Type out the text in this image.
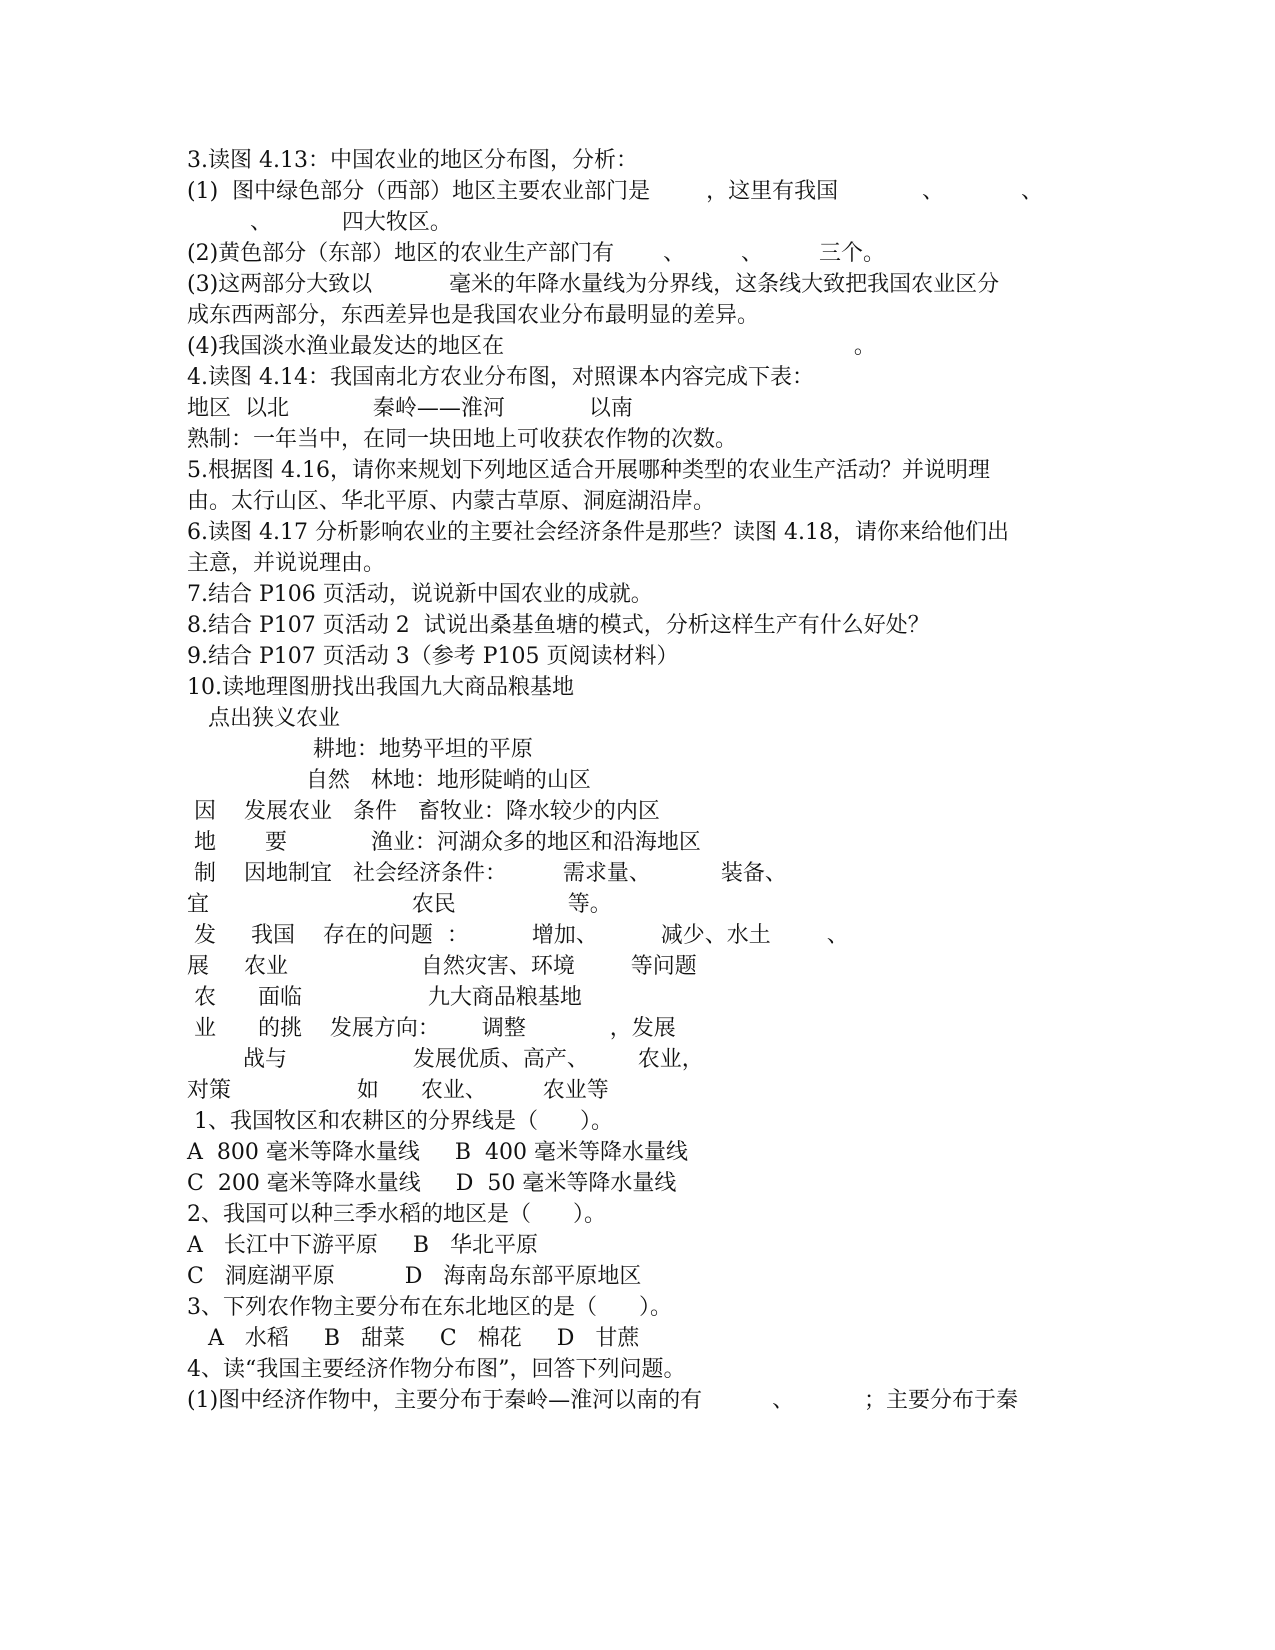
3.读图 4.13：中国农业的地区分布图，分析：
(1)  图中绿色部分（西部）地区主要农业部门是        ，这里有我国            、           、
、          四大牧区。
(2)黄色部分（东部）地区的农业生产部门有       、        、        三个。
(3)这两部分大致以           毫米的年降水量线为分界线，这条线大致把我国农业区分
成东西两部分，东西差异也是我国农业分布最明显的差异。
(4)我国淡水渔业最发达的地区在                                                  。
4.读图 4.14：我国南北方农业分布图，对照课本内容完成下表：
地区  以北            秦岭——淮河            以南
熟制：一年当中，在同一块田地上可收获农作物的次数。
5.根据图 4.16，请你来规划下列地区适合开展哪种类型的农业生产活动？并说明理
由。太行山区、华北平原、内蒙古草原、洞庭湖沿岸。
6.读图 4.17 分析影响农业的主要社会经济条件是那些？读图 4.18，请你来给他们出
主意，并说说理由。
7.结合 P106 页活动，说说新中国农业的成就。
8.结合 P107 页活动 2  试说出桑基鱼塘的模式，分析这样生产有什么好处？
9.结合 P107 页活动 3（参考 P105 页阅读材料）
10.读地理图册找出我国九大商品粮基地
点出狭义农业
耕地：地势平坦的平原
自然   林地：地形陡峭的山区
因    发展农业   条件   畜牧业：降水较少的内区
地       要            渔业：河湖众多的地区和沿海地区
制    因地制宜   社会经济条件：        需求量、          装备、
宜                             农民                等。
发     我国    存在的问题  ：         增加、         减少、水土        、
展     农业                   自然灾害、环境        等问题
农      面临                  九大商品粮基地
业      的挑    发展方向：      调整            ，发展
战与                  发展优质、高产、       农业，
对策                  如      农业、        农业等
1、我国牧区和农耕区的分界线是（      ）。
A  800 毫米等降水量线     B  400 毫米等降水量线
C  200 毫米等降水量线     D  50 毫米等降水量线
2、我国可以种三季水稻的地区是（      ）。
A   长江中下游平原     B   华北平原
C   洞庭湖平原          D   海南岛东部平原地区
3、下列农作物主要分布在东北地区的是（      ）。
A   水稻     B   甜菜     C   棉花     D   甘蔗
4、读“我国主要经济作物分布图”，回答下列问题。
(1)图中经济作物中，主要分布于秦岭—淮河以南的有          、          ；主要分布于秦
